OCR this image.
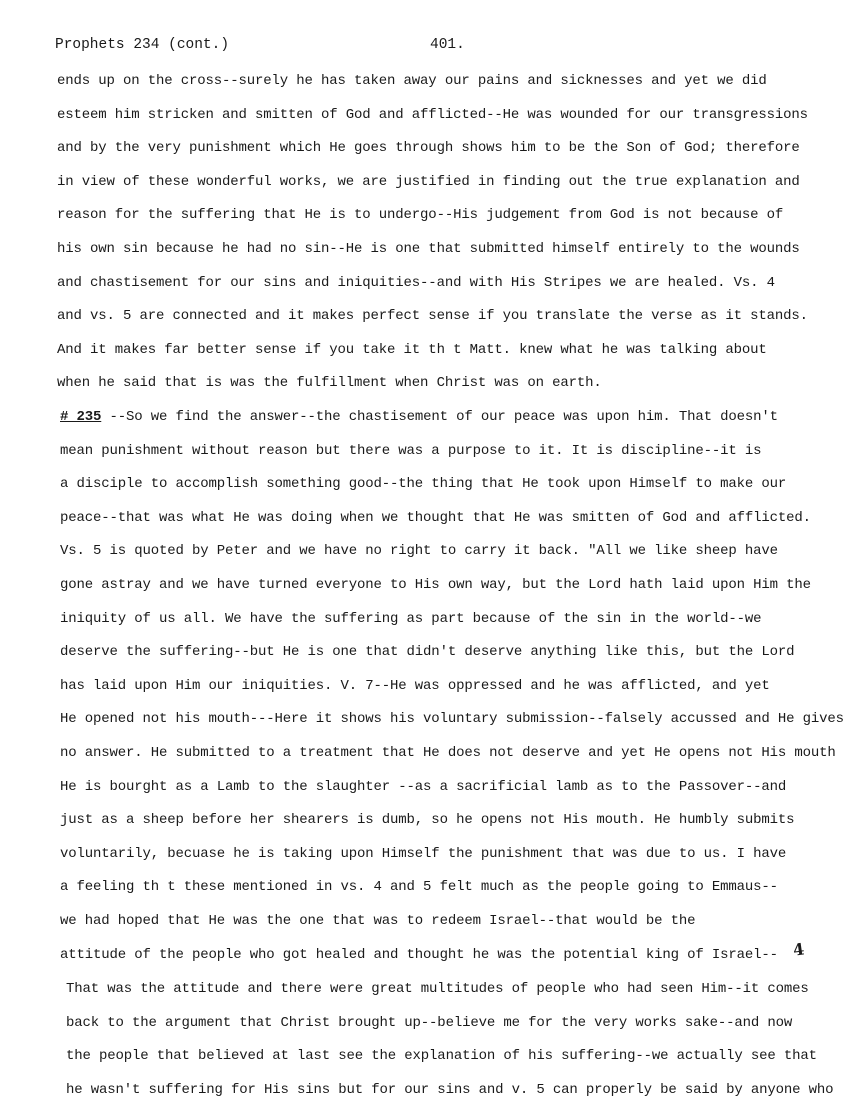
Prophets 234 (cont.)	401.
ends up on the cross--surely he has taken away our pains and sicknesses and yet we did
esteem him stricken and smitten of God and afflicted--He was wounded for our transgressions
and by the very punishment which He goes through shows him to be the Son of God; therefore
in view of these wonderful works, we are justified in finding out the true explanation and
reason for the suffering that He is to undergo--His judgement from God is not because of
his own sin because he had no sin--He is one that submitted himself entirely to the wounds
and chastisement for our sins and iniquities--and with His Stripes we are healed. Vs. 4
and vs. 5 are connected and it makes perfect sense if you translate the verse as it stands.
And it makes far better sense if you take it th t Matt. knew what he was talking about
when he said that is was the fulfillment when Christ was on earth.
# 235 --So we find the answer--the chastisement of our peace was upon him. That doesn't
mean punishment without reason but there was a purpose to it. It is discipline--it is
a disciple to accomplish something good--the thing that He took upon Himself to make our
peace--that was what He was doing when we thought that He was smitten of God and afflicted.
Vs. 5 is quoted by Peter and we have no right to carry it back. "All we like sheep have
gone astray and we have turned everyone to His own way, but the Lord hath laid upon Him the
iniquity of us all. We have the suffering as part because of the sin in the world--we
deserve the suffering--but He is one that didn't deserve anything like this, but the Lord
has laid upon Him our iniquities. V. 7--He was oppressed and he was afflicted, and yet
He opened not his mouth---Here it shows his voluntary submission--falsely accussed and He gives
no answer. He submitted to a treatment that He does not deserve and yet He opens not His mouth
He is bourght as a Lamb to the slaughter --as a sacrificial lamb as to the Passover--and
just as a sheep before her shearers is dumb, so he opens not His mouth. He humbly submits
voluntarily, becuase he is taking upon Himself the punishment that was due to us. I have
a feeling th t these mentioned in vs. 4 and 5 felt much as the people going to Emmaus--
we had hoped that He was the one that was to redeem Israel--that would be the
attitude of the people who got healed and thought he was the potential king of Israel-- 4
That was the attitude and there were great multitudes of people who had seen Him--it comes
back to the argument that Christ brought up--believe me for the very works sake--and now
the people that believed at last see the explanation of his suffering--we actually see that
he wasn't suffering for His sins but for our sins and v. 5 can properly be said by anyone who
